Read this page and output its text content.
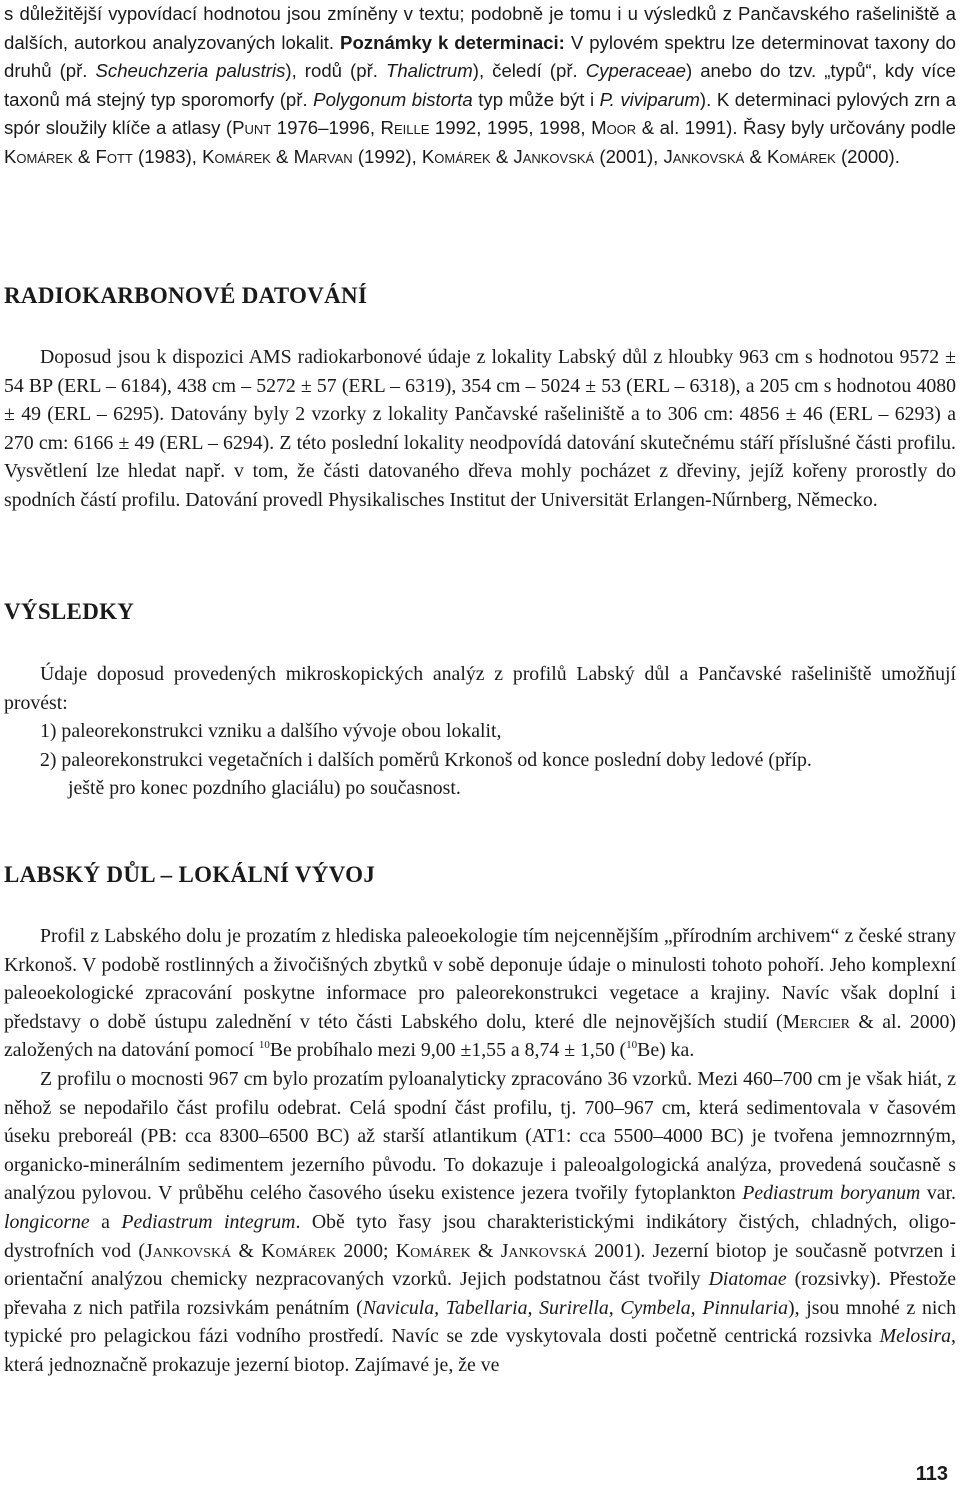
s důležitější vypovídací hodnotou jsou zmíněny v textu; podobně je tomu i u výsledků z Pančavského rašeliniště a dalších, autorkou analyzovaných lokalit. Poznámky k determinaci: V pylovém spektru lze determinovat taxony do druhů (př. Scheuchzeria palustris), rodů (př. Thalictrum), čeledí (př. Cyperaceae) anebo do tzv. „typů“, kdy více taxonů má stejný typ sporomorfy (př. Polygonum bistorta typ může být i P. viviparum). K determinaci pylových zrn a spór sloužily klíče a atlasy (Punt 1976–1996, Reille 1992, 1995, 1998, Moor & al. 1991). Řasy byly určovány podle Komárek & Fott (1983), Komárek & Marvan (1992), Komárek & Jankovská (2001), Jankovská & Komárek (2000).

RADIOKARBONOVÉ DATOVÁNÍ

Doposud jsou k dispozici AMS radiokarbonové údaje z lokality Labský důl z hloubky 963 cm s hodnotou 9572 ± 54 BP (ERL – 6184), 438 cm – 5272 ± 57 (ERL – 6319), 354 cm – 5024 ± 53 (ERL – 6318), a 205 cm s hodnotou 4080 ± 49 (ERL – 6295). Datovány byly 2 vzorky z lokality Pančavské rašeliniště a to 306 cm: 4856 ± 46 (ERL – 6293) a 270 cm: 6166 ± 49 (ERL – 6294). Z této poslední lokality neodpovídá datování skutečnému stáří příslušné části profilu. Vysvětlení lze hledat např. v tom, že části datovaného dřeva mohly pocházet z dřeviny, jejíž kořeny prorostly do spodních částí profilu. Datování provedl Physikalisches Institut der Universität Erlangen-Nűrnberg, Německo.

VÝSLEDKY

Údaje doposud provedených mikroskopických analýz z profilů Labský důl a Pančavské rašeliniště umožňují provést:

1) paleorekonstrukci vzniku a dalšího vývoje obou lokalit,

2) paleorekonstrukci vegetačních i dalších poměrů Krkonoš od konce poslední doby ledové (příp.

ještě pro konec pozdního glaciálu) po současnost.

LABSKÝ DŮL – LOKÁLNÍ VÝVOJ

Profil z Labského dolu je prozatím z hlediska paleoekologie tím nejcennějším „přírodním archivem“ z české strany Krkonoš. V podobě rostlinných a živočišných zbytků v sobě deponuje údaje o minulosti tohoto pohoří. Jeho komplexní paleoekologické zpracování poskytne informace pro paleorekonstrukci vegetace a krajiny. Navíc však doplní i představy o době ústupu zalednění v této části Labského dolu, které dle nejnovějších studií (Mercier & al. 2000) založených na datování pomocí $^{10}$Be probíhalo mezi 9,00 ±1,55 a 8,74 ± 1,50 ($^{10}$Be) ka.

Z profilu o mocnosti 967 cm bylo prozatím pyloanalyticky zpracováno 36 vzorků. Mezi 460–700 cm je však hiát, z něhož se nepodařilo část profilu odebrat. Celá spodní část profilu, tj. 700–967 cm, která sedimentovala v časovém úseku preboreál (PB: cca 8300–6500 BC) až starší atlantikum (AT1: cca 5500–4000 BC) je tvořena jemnozrnným, organicko-minerálním sedimentem jezerního původu. To dokazuje i paleoalgologická analýza, provedená současně s analýzou pylovou. V průběhu celého časového úseku existence jezera tvořily fytoplankton Pediastrum boryanum var. longicorne a Pediastrum integrum. Obě tyto řasy jsou charakteristickými indikátory čistých, chladných, oligo-dystrofních vod (Jankovská & Komárek 2000; Komárek & Jankovská 2001). Jezerní biotop je současně potvrzen i orientační analýzou chemicky nezpracovaných vzorků. Jejich podstatnou část tvořily Diatomae (rozsivky). Přestože převaha z nich patřila rozsivkám penátním (Navicula, Tabellaria, Surirella, Cymbela, Pinnularia), jsou mnohé z nich typické pro pelagickou fázi vodního prostředí. Navíc se zde vyskytovala dosti početně centrická rozsivka Melosira, která jednoznačně prokazuje jezerní biotop. Zajímavé je, že ve

113
